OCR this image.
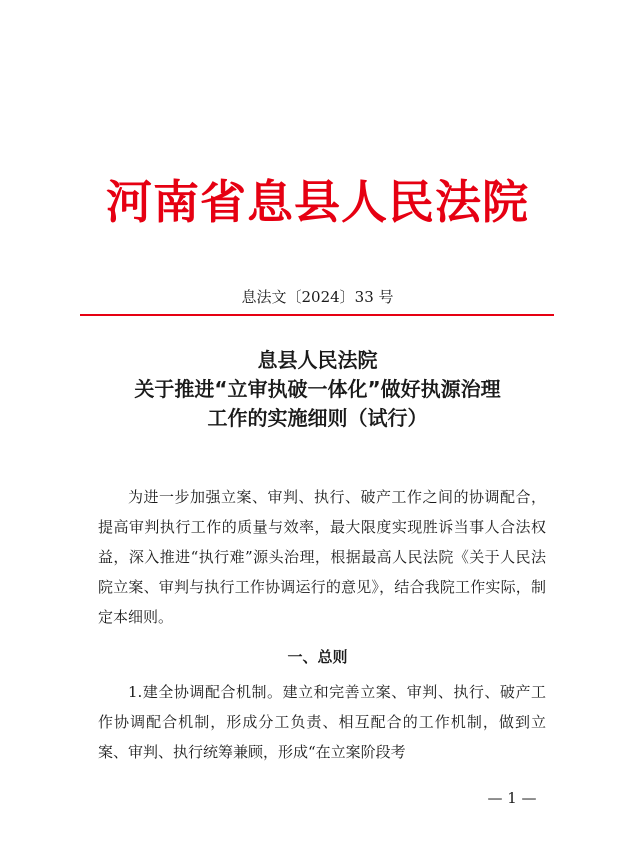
河南省息县人民法院
息法文〔2024〕33 号
息县人民法院
关于推进“立审执破一体化”做好执源治理
工作的实施细则（试行）
为进一步加强立案、审判、执行、破产工作之间的协调配合，提高审判执行工作的质量与效率，最大限度实现胜诉当事人合法权益，深入推进“执行难”源头治理，根据最高人民法院《关于人民法院立案、审判与执行工作协调运行的意见》，结合我院工作实际，制定本细则。
一、总则
1.建全协调配合机制。建立和完善立案、审判、执行、破产工作协调配合机制，形成分工负责、相互配合的工作机制，做到立案、审判、执行统筹兼顾，形成“在立案阶段考
— 1 —
